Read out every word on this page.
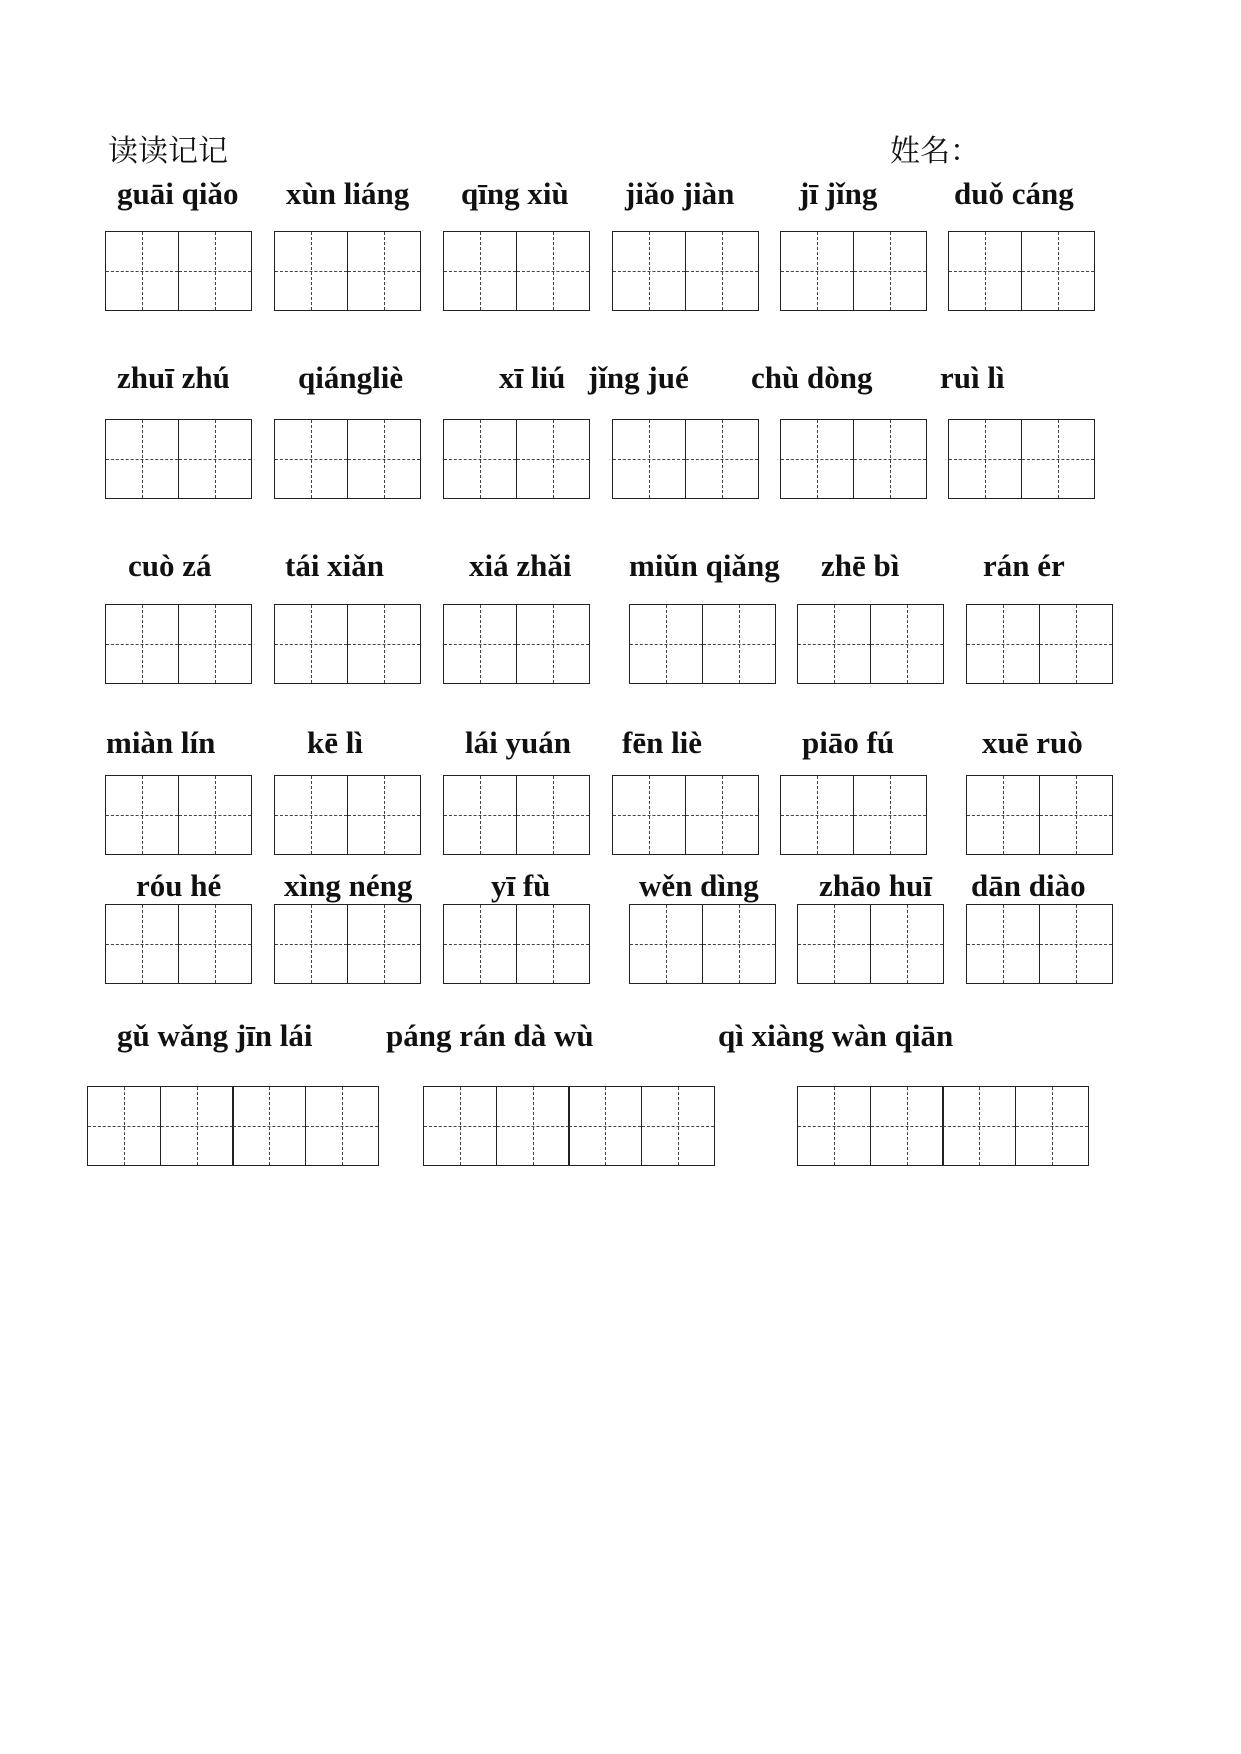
读读记记	姓名：
guāi qiǎo xùn liáng qīng xiù jiǎo jiàn jī jǐng duǒ cáng
zhuī zhú qiángliè	xī liú jǐng jué chù dòng ruì lì
cuò zá tái xiǎn	xiá zhǎi miǔn qiǎng zhē bì	rán ér
miàn lín	kē lì	lái yuán fēn liè	piāo fú	xuē ruò
róu hé xìng néng	yī fù	wěn dìng zhāo huī dān diào
gǔ wǎng jīn lái páng rán dà wù	qì xiàng wàn qiān
